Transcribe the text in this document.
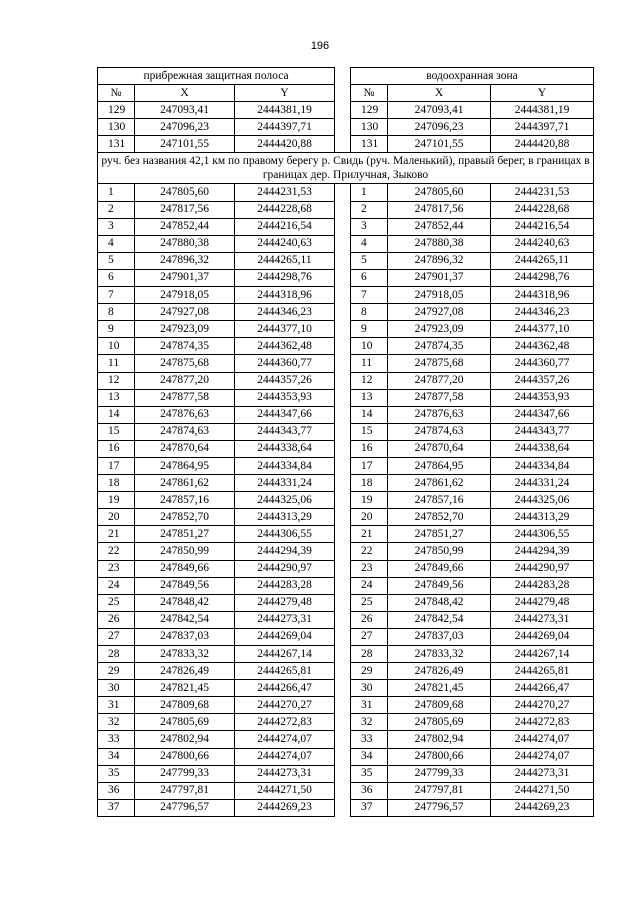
196
прибрежная защитная полоса				водоохранная зона		
№	X	Y		№	X	Y
129	247093,41	2444381,19		129	247093,41	2444381,19
130	247096,23	2444397,71		130	247096,23	2444397,71
131	247101,55	2444420,88		131	247101,55	2444420,88
руч. без названия 42,1 км по правому берегу р. Свидь (руч. Маленький), правый берег, в границах в границах дер. Прилучная, Зыково						
1	247805,60	2444231,53		1	247805,60	2444231,53
2	247817,56	2444228,68		2	247817,56	2444228,68
3	247852,44	2444216,54		3	247852,44	2444216,54
4	247880,38	2444240,63		4	247880,38	2444240,63
5	247896,32	2444265,11		5	247896,32	2444265,11
6	247901,37	2444298,76		6	247901,37	2444298,76
7	247918,05	2444318,96		7	247918,05	2444318,96
8	247927,08	2444346,23		8	247927,08	2444346,23
9	247923,09	2444377,10		9	247923,09	2444377,10
10	247874,35	2444362,48		10	247874,35	2444362,48
11	247875,68	2444360,77		11	247875,68	2444360,77
12	247877,20	2444357,26		12	247877,20	2444357,26
13	247877,58	2444353,93		13	247877,58	2444353,93
14	247876,63	2444347,66		14	247876,63	2444347,66
15	247874,63	2444343,77		15	247874,63	2444343,77
16	247870,64	2444338,64		16	247870,64	2444338,64
17	247864,95	2444334,84		17	247864,95	2444334,84
18	247861,62	2444331,24		18	247861,62	2444331,24
19	247857,16	2444325,06		19	247857,16	2444325,06
20	247852,70	2444313,29		20	247852,70	2444313,29
21	247851,27	2444306,55		21	247851,27	2444306,55
22	247850,99	2444294,39		22	247850,99	2444294,39
23	247849,66	2444290,97		23	247849,66	2444290,97
24	247849,56	2444283,28		24	247849,56	2444283,28
25	247848,42	2444279,48		25	247848,42	2444279,48
26	247842,54	2444273,31		26	247842,54	2444273,31
27	247837,03	2444269,04		27	247837,03	2444269,04
28	247833,32	2444267,14		28	247833,32	2444267,14
29	247826,49	2444265,81		29	247826,49	2444265,81
30	247821,45	2444266,47		30	247821,45	2444266,47
31	247809,68	2444270,27		31	247809,68	2444270,27
32	247805,69	2444272,83		32	247805,69	2444272,83
33	247802,94	2444274,07		33	247802,94	2444274,07
34	247800,66	2444274,07		34	247800,66	2444274,07
35	247799,33	2444273,31		35	247799,33	2444273,31
36	247797,81	2444271,50		36	247797,81	2444271,50
37	247796,57	2444269,23		37	247796,57	2444269,23
